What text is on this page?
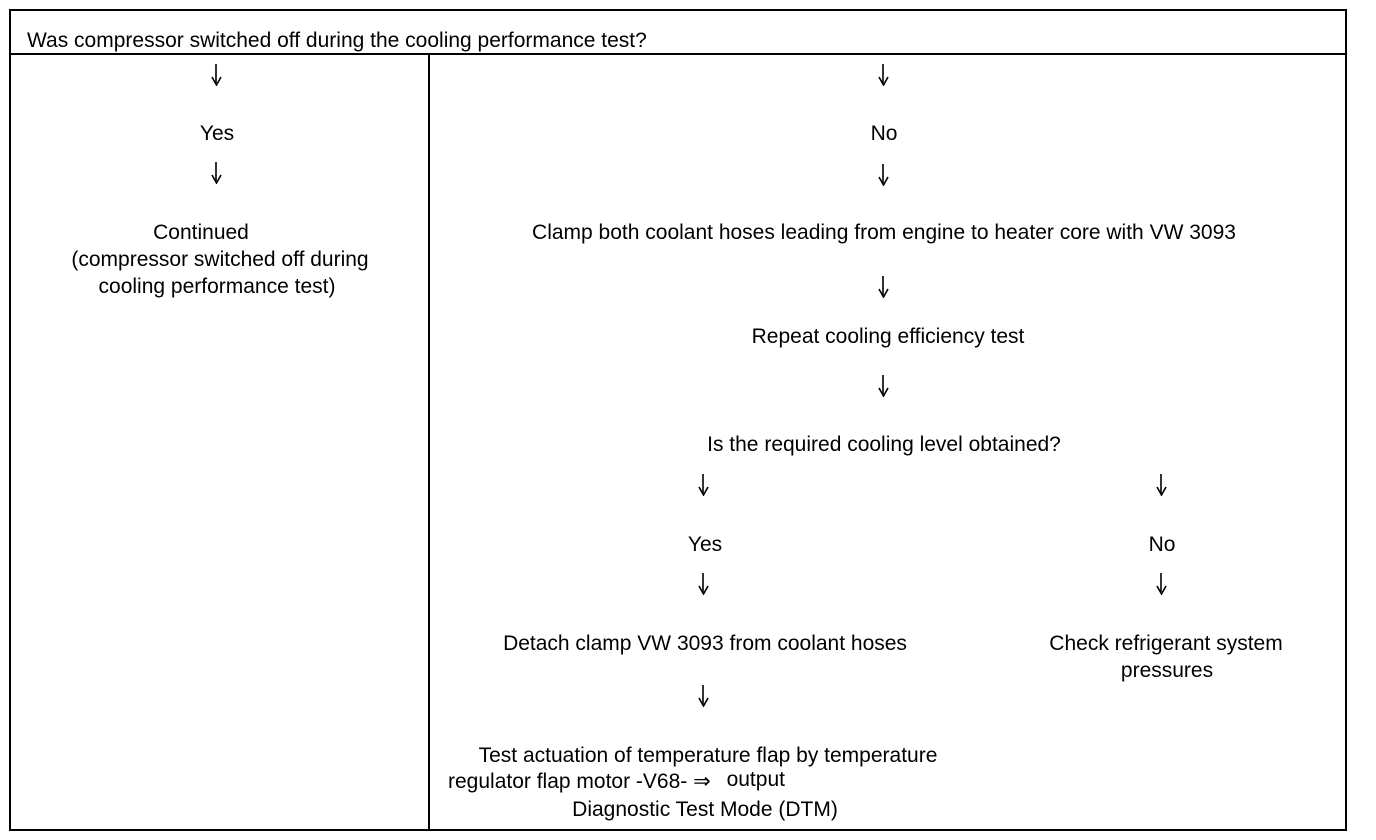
Was compressor switched off during the cooling performance test?
Yes
Continued
(compressor switched off during
cooling performance test)
No
Clamp both coolant hoses leading from engine to heater core with VW 3093
Repeat cooling efficiency test
Is the required cooling level obtained?
Yes
Detach clamp VW 3093 from coolant hoses
Test actuation of temperature flap by temperature
regulator flap motor -V68- ⇒ output
Diagnostic Test Mode (DTM)
No
Check refrigerant system
pressures
